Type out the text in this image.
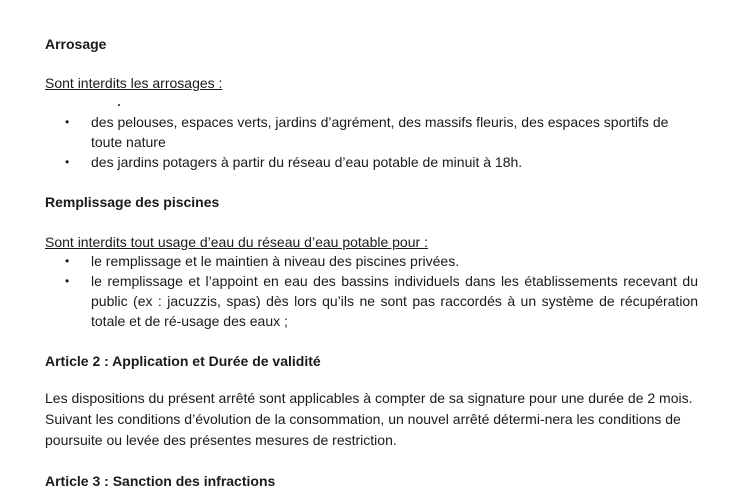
Arrosage
Sont interdits les arrosages :
• des pelouses, espaces verts, jardins d’agrément, des massifs fleuris, des espaces sportifs de toute nature
• des jardins potagers à partir du réseau d’eau potable de minuit à 18h.
Remplissage des piscines
Sont interdits tout usage d’eau du réseau d’eau potable pour :
• le remplissage et le maintien à niveau des piscines privées.
• le remplissage et l’appoint en eau des bassins individuels dans les établissements recevant du public (ex : jacuzzis, spas) dès lors qu’ils ne sont pas raccordés à un système de récupération totale et de ré-usage des eaux ;
Article 2 : Application et Durée de validité

Les dispositions du présent arrêté sont applicables à compter de sa signature pour une durée de 2 mois. Suivant les conditions d’évolution de la consommation, un nouvel arrêté détermi-nera les conditions de poursuite ou levée des présentes mesures de restriction.

Article 3 : Sanction des infractions
